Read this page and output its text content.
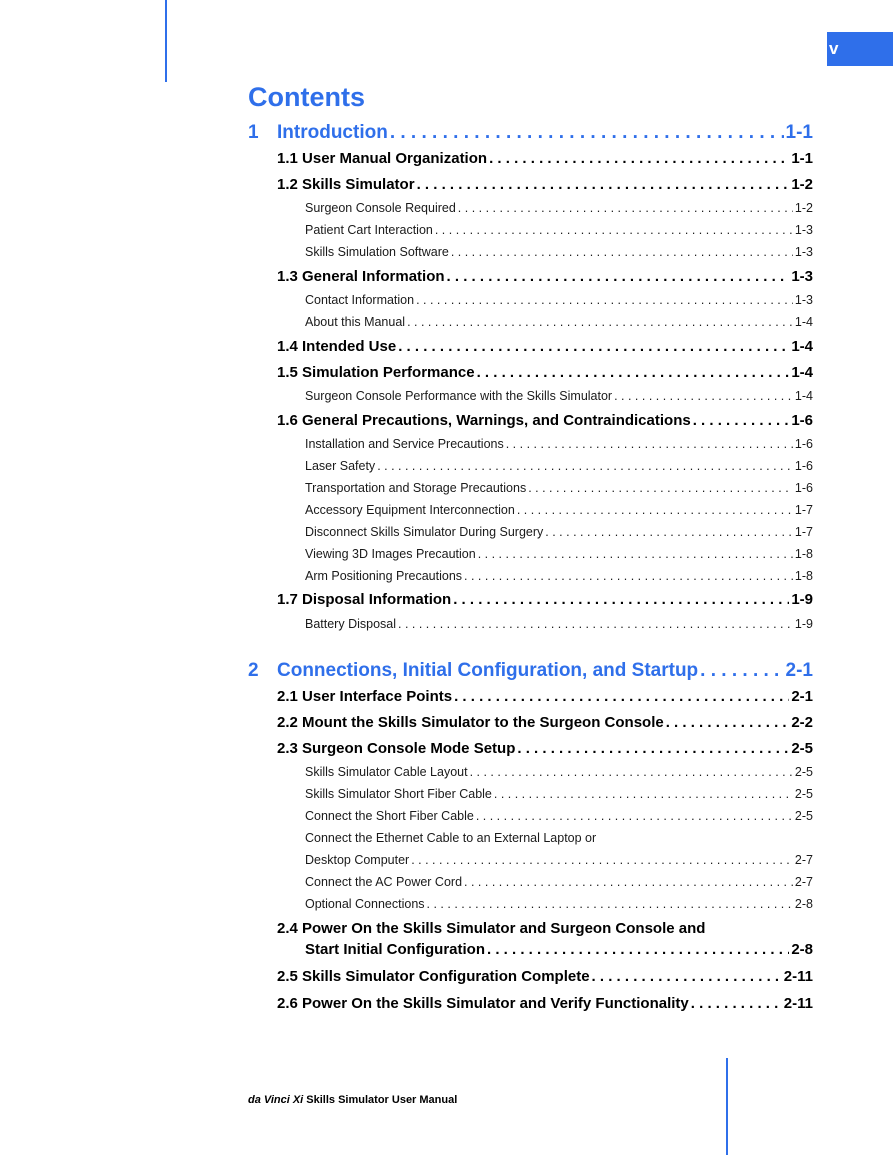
v
Contents
1 Introduction . . .	1-1
1.1 User Manual Organization . . .	1-1
1.2 Skills Simulator . . .	1-2
Surgeon Console Required . . .	1-2
Patient Cart Interaction . . .	1-3
Skills Simulation Software . . .	1-3
1.3 General Information . . .	1-3
Contact Information . . .	1-3
About this Manual . . .	1-4
1.4 Intended Use . . .	1-4
1.5 Simulation Performance . . .	1-4
Surgeon Console Performance with the Skills Simulator . . .	1-4
1.6 General Precautions, Warnings, and Contraindications . . .	1-6
Installation and Service Precautions . . .	1-6
Laser Safety . . .	1-6
Transportation and Storage Precautions . . .	1-6
Accessory Equipment Interconnection . . .	1-7
Disconnect Skills Simulator During Surgery . . .	1-7
Viewing 3D Images Precaution . . .	1-8
Arm Positioning Precautions . . .	1-8
1.7 Disposal Information . . .	1-9
Battery Disposal . . .	1-9
2 Connections, Initial Configuration, and Startup . . .	2-1
2.1 User Interface Points . . .	2-1
2.2 Mount the Skills Simulator to the Surgeon Console . . .	2-2
2.3 Surgeon Console Mode Setup . . .	2-5
Skills Simulator Cable Layout . . .	2-5
Skills Simulator Short Fiber Cable . . .	2-5
Connect the Short Fiber Cable . . .	2-5
Connect the Ethernet Cable to an External Laptop or
Desktop Computer . . .	2-7
Connect the AC Power Cord . . .	2-7
Optional Connections . . .	2-8
2.4 Power On the Skills Simulator and Surgeon Console and
Start Initial Configuration . . .	2-8
2.5 Skills Simulator Configuration Complete . . .	2-11
2.6 Power On the Skills Simulator and Verify Functionality . . .	2-11
da Vinci Xi Skills Simulator User Manual
